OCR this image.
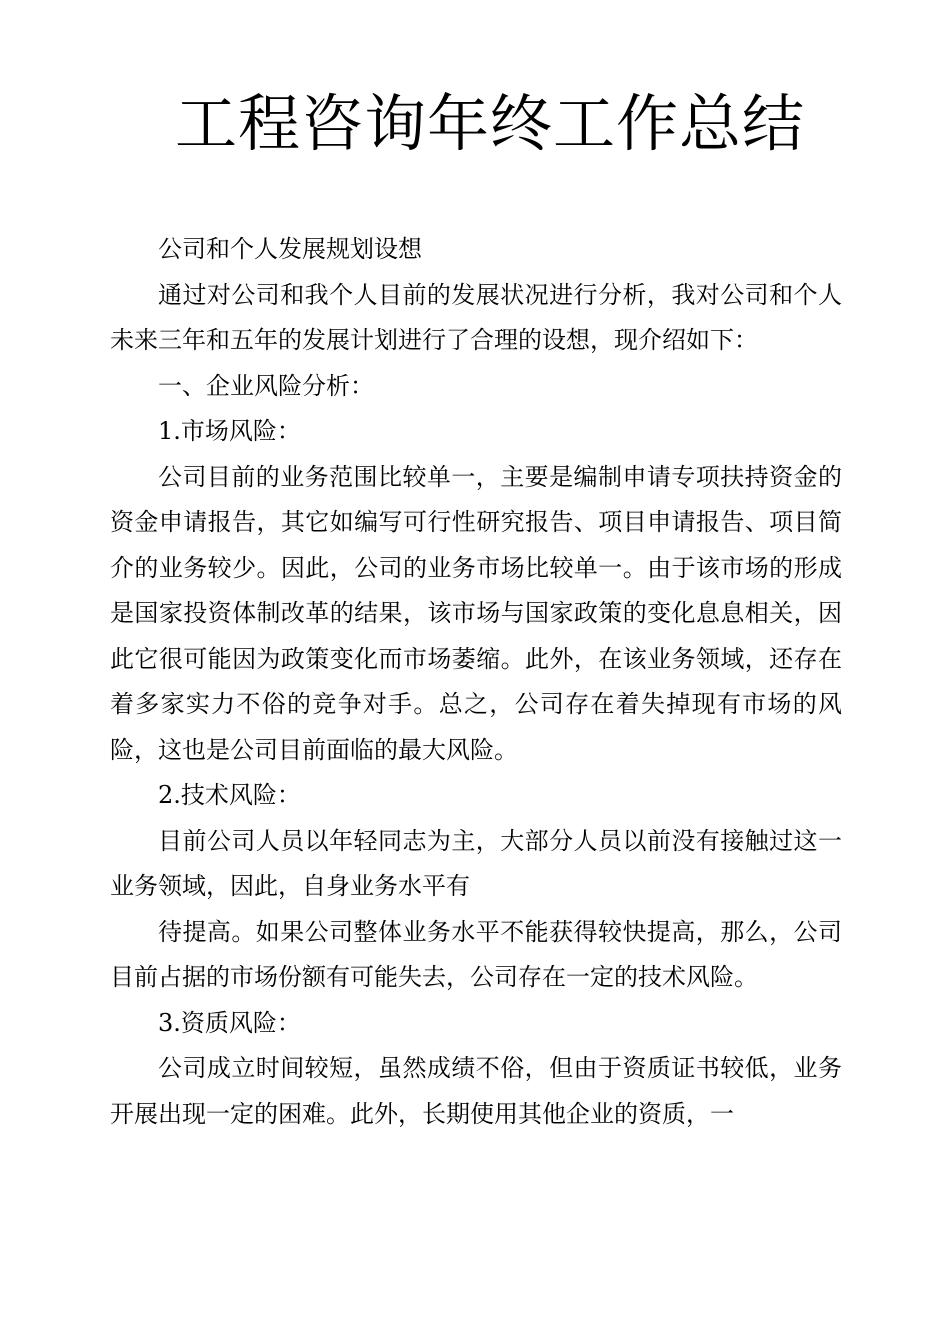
工程咨询年终工作总结

公司和个人发展规划设想

通过对公司和我个人目前的发展状况进行分析，我对公司和个人未来三年和五年的发展计划进行了合理的设想，现介绍如下：

一、企业风险分析：

1.市场风险：

公司目前的业务范围比较单一，主要是编制申请专项扶持资金的资金申请报告，其它如编写可行性研究报告、项目申请报告、项目简介的业务较少。因此，公司的业务市场比较单一。由于该市场的形成是国家投资体制改革的结果，该市场与国家政策的变化息息相关，因此它很可能因为政策变化而市场萎缩。此外，在该业务领域，还存在着多家实力不俗的竞争对手。总之，公司存在着失掉现有市场的风险，这也是公司目前面临的最大风险。

2.技术风险：

目前公司人员以年轻同志为主，大部分人员以前没有接触过这一业务领域，因此，自身业务水平有

待提高。如果公司整体业务水平不能获得较快提高，那么，公司目前占据的市场份额有可能失去，公司存在一定的技术风险。

3.资质风险：

公司成立时间较短，虽然成绩不俗，但由于资质证书较低，业务开展出现一定的困难。此外，长期使用其他企业的资质，一
